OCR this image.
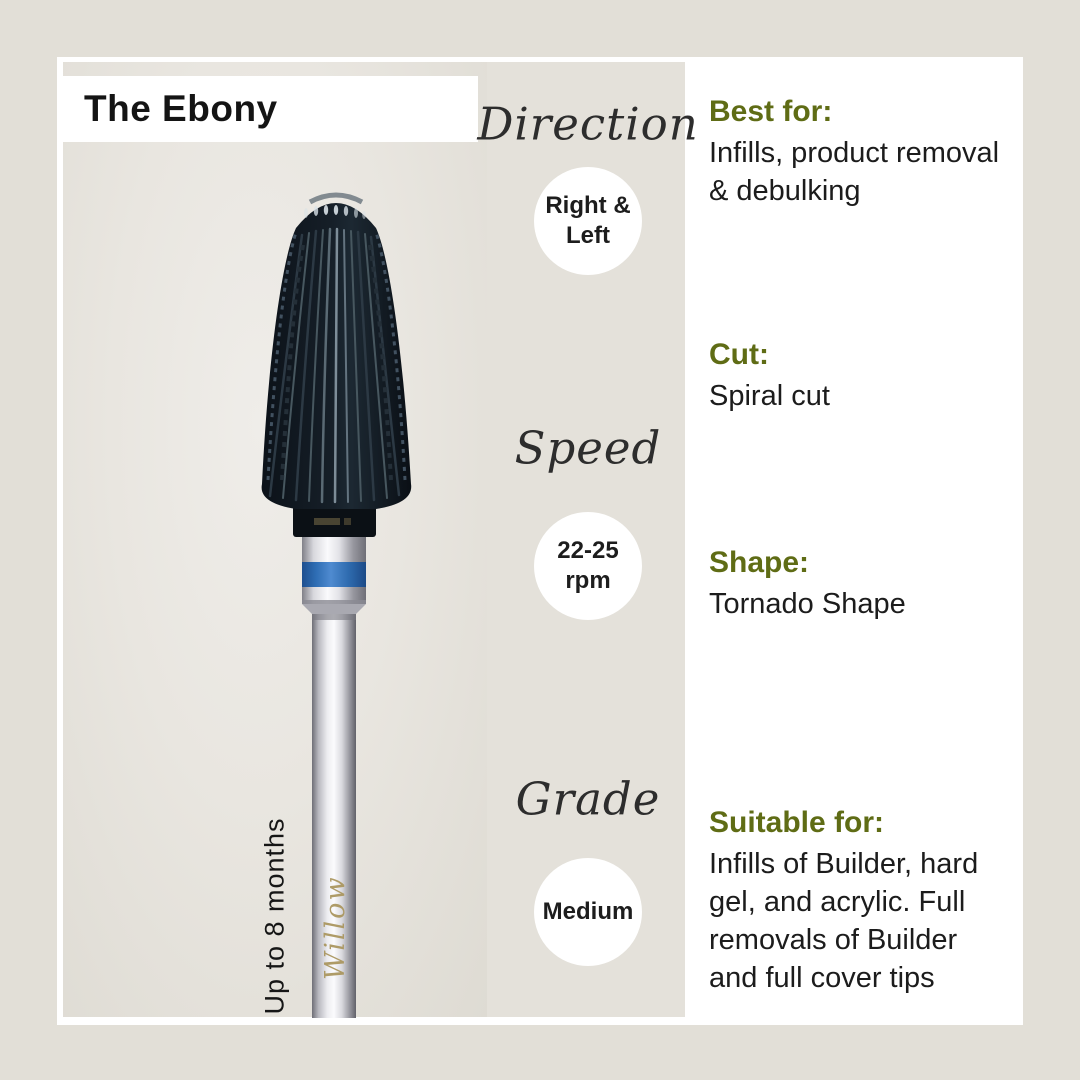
Willow
Up to 8 months
The Ebony	Direction
Right & Left
Speed
22-25 rpm
Grade
Medium
Best for:
Infills, product removal & debulking
Cut:
Spiral cut
Shape:
Tornado Shape
Suitable for:
Infills of Builder, hard gel, and acrylic. Full removals of Builder and full cover tips
